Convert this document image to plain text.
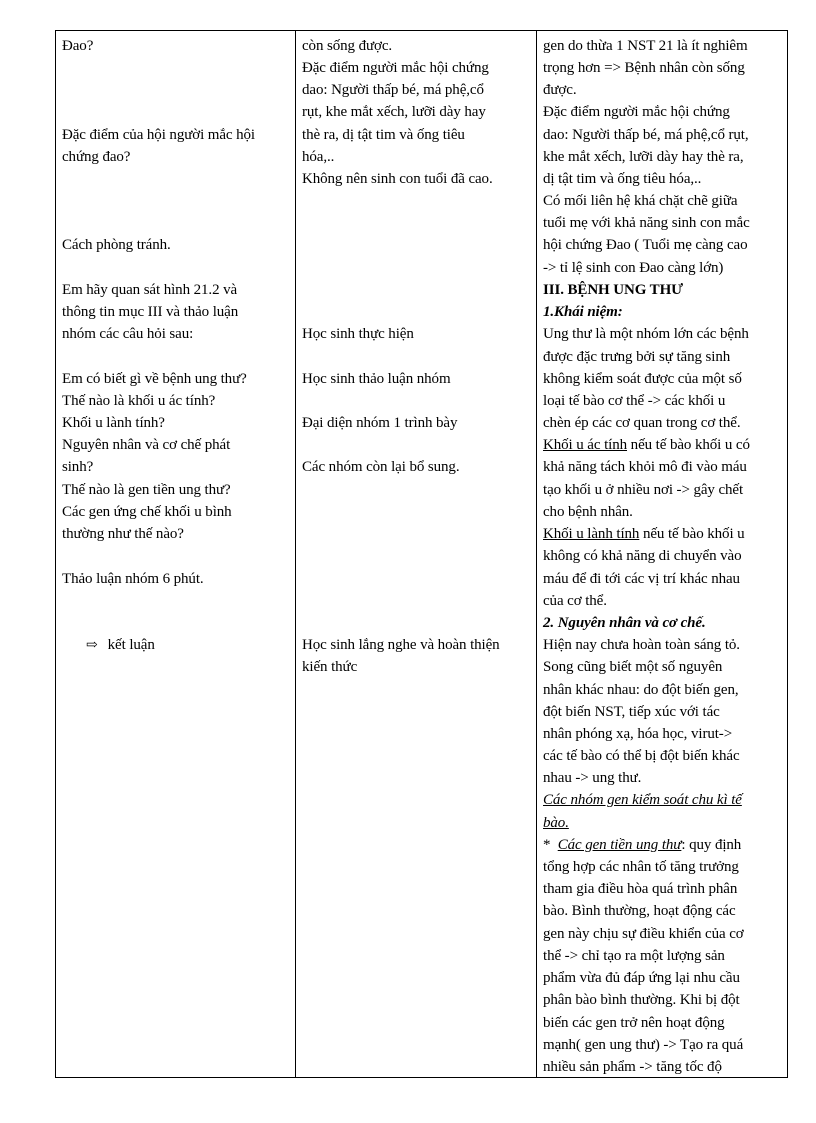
Đao?
Đặc điểm của hội người mắc hội
chứng đao?
Cách phòng tránh.
Em hãy quan sát hình 21.2 và
thông tin mục III và thảo luận
nhóm các câu hỏi sau:
Em có biết gì về bệnh ung thư?
Thế nào là khối u ác tính?
Khối u lành tính?
Nguyên nhân và cơ chế phát
sinh?
Thế nào là gen tiền ung thư?
Các gen ứng chế khối u bình
thường như thế nào?
Thảo luận nhóm 6 phút.
⇨ kết luận
còn sống được.
Đặc điểm người mắc hội chứng
dao: Người thấp bé, má phệ,cổ
rụt, khe mắt xếch, lưỡi dày hay
thè ra, dị tật tim và ống tiêu
hóa,..
Không nên sinh con tuổi đã cao.
Học sinh thực hiện
Học sinh thảo luận nhóm
Đại diện nhóm 1 trình bày
Các nhóm còn lại bổ sung.
Học sinh lắng nghe và hoàn thiện
kiến thức
gen do thừa 1 NST 21 là ít nghiêm
trọng hơn => Bệnh nhân còn sống
được.
Đặc điểm người mắc hội chứng
dao: Người thấp bé, má phệ,cổ rụt,
khe mắt xếch, lưỡi dày hay thè ra,
dị tật tim và ống tiêu hóa,..
Có mối liên hệ khá chặt chẽ giữa
tuổi mẹ với khả năng sinh con mắc
hội chứng Đao ( Tuổi mẹ càng cao
-> tỉ lệ sinh con Đao càng lớn)
III. BỆNH UNG THƯ
1.Khái niệm:
Ung thư là một nhóm lớn các bệnh
được đặc trưng bởi sự tăng sinh
không kiểm soát được của một số
loại tế bào cơ thể -> các khối u
chèn ép các cơ quan trong cơ thể.
Khối u ác tính nếu tế bào khối u có
khả năng tách khỏi mô đi vào máu
tạo khối u ở nhiều nơi -> gây chết
cho bệnh nhân.
Khối u lành tính nếu tế bào khối u
không có khả năng di chuyển vào
máu để đi tới các vị trí khác nhau
của cơ thể.
2. Nguyên nhân và cơ chế.
Hiện nay chưa hoàn toàn sáng tỏ.
Song cũng biết một số nguyên
nhân khác nhau: do đột biến gen,
đột biến NST, tiếp xúc với tác
nhân phóng xạ, hóa học, virut->
các tế bào có thể bị đột biến khác
nhau -> ung thư.
Các nhóm gen kiểm soát chu kì tế
bào.
*  Các gen tiền ung thư: quy định
tổng hợp các nhân tố tăng trưởng
tham gia điều hòa quá trình phân
bào. Bình thường, hoạt động các
gen này chịu sự điều khiển của cơ
thể -> chỉ tạo ra một lượng sản
phẩm vừa đủ đáp ứng lại nhu cầu
phân bào bình thường. Khi bị đột
biến các gen trở nên hoạt động
mạnh( gen ung thư) -> Tạo ra quá
nhiều sản phẩm -> tăng tốc độ
